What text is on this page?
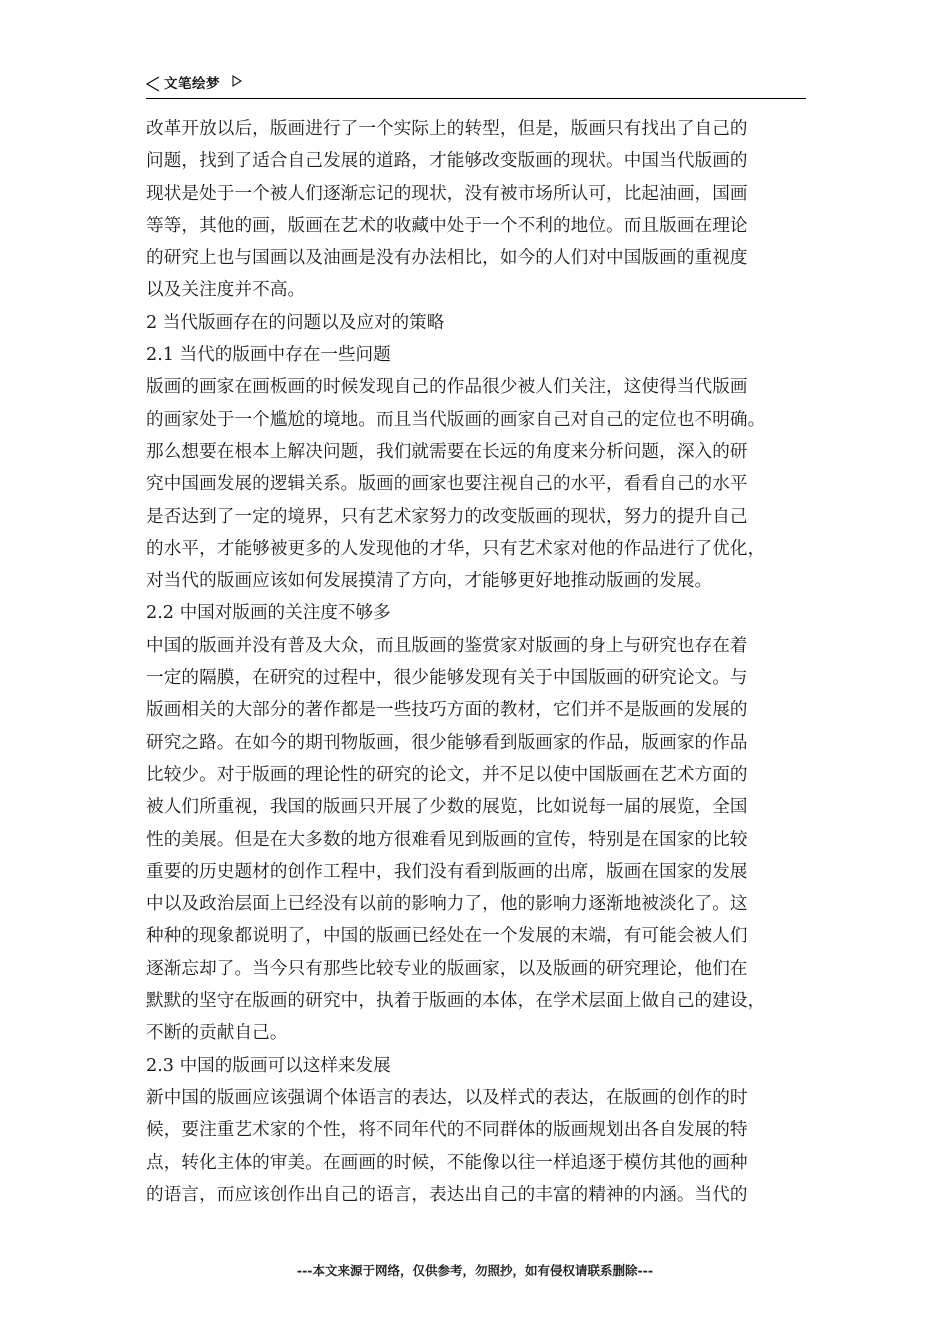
文笔绘梦
改革开放以后，版画进行了一个实际上的转型，但是，版画只有找出了自己的
问题，找到了适合自己发展的道路，才能够改变版画的现状。中国当代版画的
现状是处于一个被人们逐渐忘记的现状，没有被市场所认可，比起油画，国画
等等，其他的画，版画在艺术的收藏中处于一个不利的地位。而且版画在理论
的研究上也与国画以及油画是没有办法相比，如今的人们对中国版画的重视度
以及关注度并不高。
2 当代版画存在的问题以及应对的策略
2.1 当代的版画中存在一些问题
版画的画家在画板画的时候发现自己的作品很少被人们关注，这使得当代版画
的画家处于一个尴尬的境地。而且当代版画的画家自己对自己的定位也不明确。
那么想要在根本上解决问题，我们就需要在长远的角度来分析问题，深入的研
究中国画发展的逻辑关系。版画的画家也要注视自己的水平，看看自己的水平
是否达到了一定的境界，只有艺术家努力的改变版画的现状，努力的提升自己
的水平，才能够被更多的人发现他的才华，只有艺术家对他的作品进行了优化，
对当代的版画应该如何发展摸清了方向，才能够更好地推动版画的发展。
2.2 中国对版画的关注度不够多
中国的版画并没有普及大众，而且版画的鉴赏家对版画的身上与研究也存在着
一定的隔膜，在研究的过程中，很少能够发现有关于中国版画的研究论文。与
版画相关的大部分的著作都是一些技巧方面的教材，它们并不是版画的发展的
研究之路。在如今的期刊物版画，很少能够看到版画家的作品，版画家的作品
比较少。对于版画的理论性的研究的论文，并不足以使中国版画在艺术方面的
被人们所重视，我国的版画只开展了少数的展览，比如说每一届的展览，全国
性的美展。但是在大多数的地方很难看见到版画的宣传，特别是在国家的比较
重要的历史题材的创作工程中，我们没有看到版画的出席，版画在国家的发展
中以及政治层面上已经没有以前的影响力了，他的影响力逐渐地被淡化了。这
种种的现象都说明了，中国的版画已经处在一个发展的末端，有可能会被人们
逐渐忘却了。当今只有那些比较专业的版画家，以及版画的研究理论，他们在
默默的坚守在版画的研究中，执着于版画的本体，在学术层面上做自己的建设，
不断的贡献自己。
2.3 中国的版画可以这样来发展
新中国的版画应该强调个体语言的表达，以及样式的表达，在版画的创作的时
候，要注重艺术家的个性，将不同年代的不同群体的版画规划出各自发展的特
点，转化主体的审美。在画画的时候，不能像以往一样追逐于模仿其他的画种
的语言，而应该创作出自己的语言，表达出自己的丰富的精神的内涵。当代的
---本文来源于网络，仅供参考，勿照抄，如有侵权请联系删除---
